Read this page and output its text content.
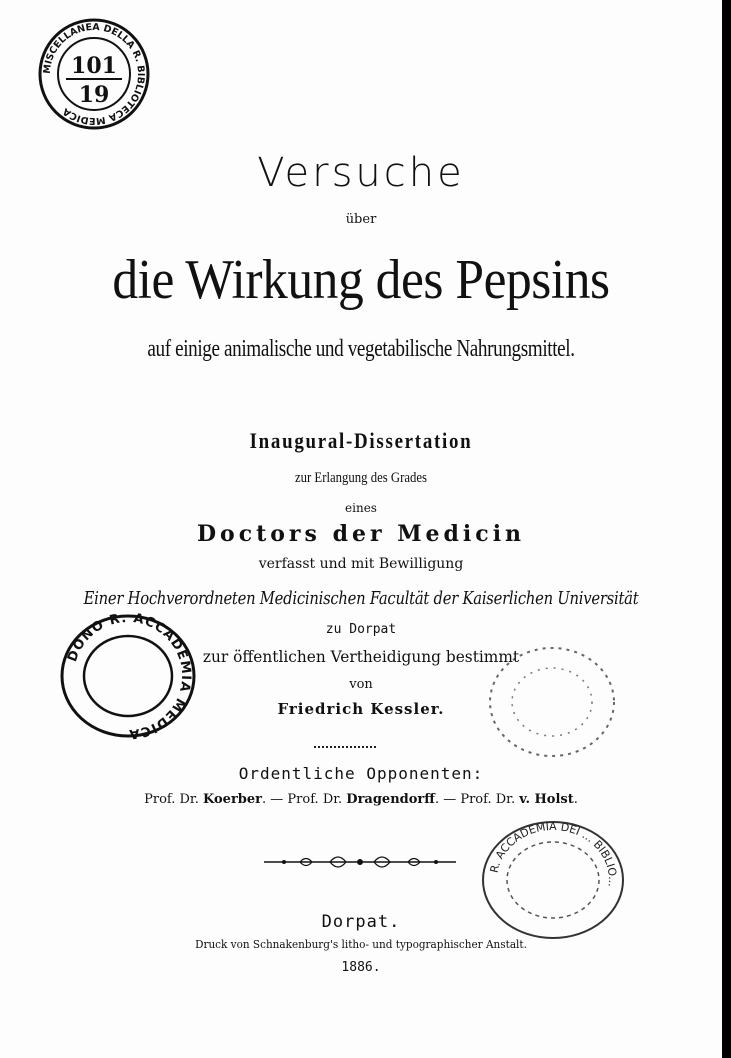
MISCELLANEA DELLA R. BIBLIOTECA MEDICA
101
19
DONO R. ACCADEMIA MEDICA
R. ACCADEMIA DEI ... BIBLIO...
Versuche
über
die Wirkung des Pepsins
auf einige animalische und vegetabilische Nahrungsmittel.
Inaugural-Dissertation
zur Erlangung des Grades
eines
Doctors der Medicin
verfasst und mit Bewilligung
Einer Hochverordneten Medicinischen Facultät der Kaiserlichen Universität
zu Dorpat
zur öffentlichen Vertheidigung bestimmt
von
Friedrich Kessler.
Ordentliche Opponenten:
Prof. Dr. Koerber. — Prof. Dr. Dragendorff. — Prof. Dr. v. Holst.
Dorpat.
Druck von Schnakenburg's litho- und typographischer Anstalt.
1886.
